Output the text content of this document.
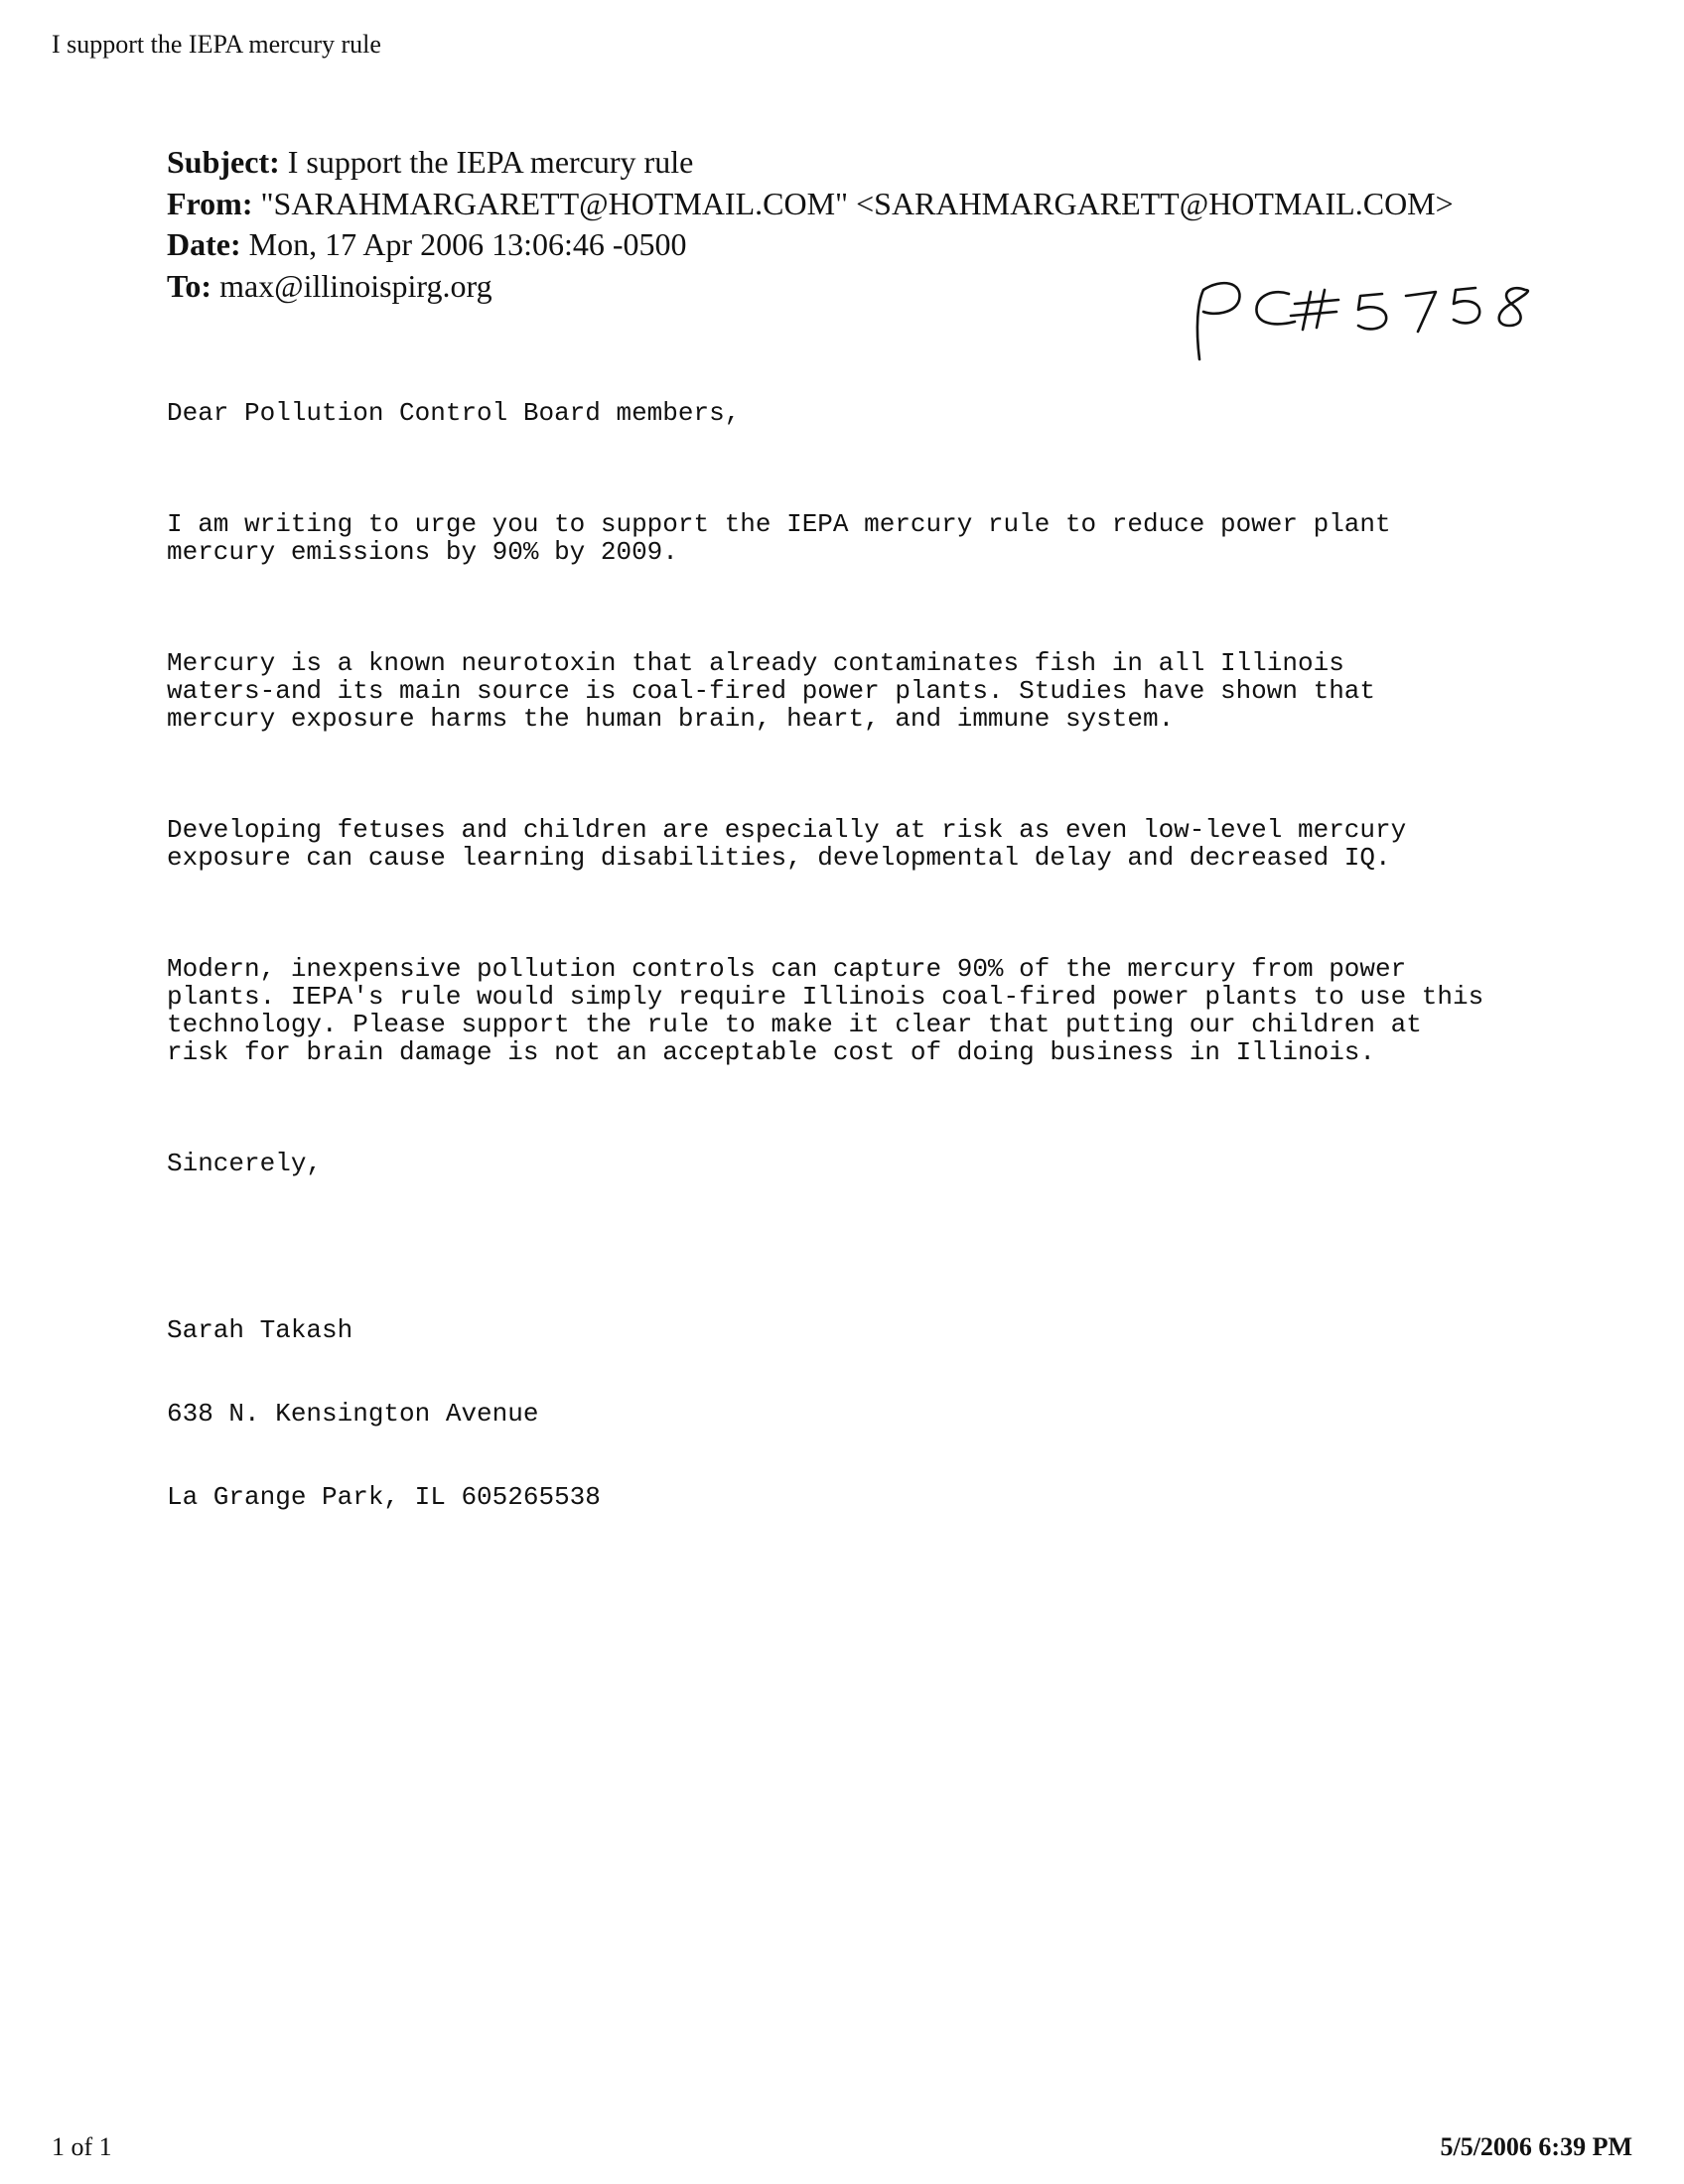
I support the IEPA mercury rule
Subject: I support the IEPA mercury rule
From: "SARAHMARGARETT@HOTMAIL.COM" <SARAHMARGARETT@HOTMAIL.COM>
Date: Mon, 17 Apr 2006 13:06:46 -0500
To: max@illinoispirg.org

Dear Pollution Control Board members,

I am writing to urge you to support the IEPA mercury rule to reduce power plant
mercury emissions by 90% by 2009.

Mercury is a known neurotoxin that already contaminates fish in all Illinois
waters-and its main source is coal-fired power plants. Studies have shown that
mercury exposure harms the human brain, heart, and immune system.

Developing fetuses and children are especially at risk as even low-level mercury
exposure can cause learning disabilities, developmental delay and decreased IQ.

Modern, inexpensive pollution controls can capture 90% of the mercury from power
plants. IEPA's rule would simply require Illinois coal-fired power plants to use this
technology. Please support the rule to make it clear that putting our children at
risk for brain damage is not an acceptable cost of doing business in Illinois.

Sincerely,

Sarah Takash

638 N. Kensington Avenue

La Grange Park, IL 605265538

1 of 1	5/5/2006 6:39 PM
